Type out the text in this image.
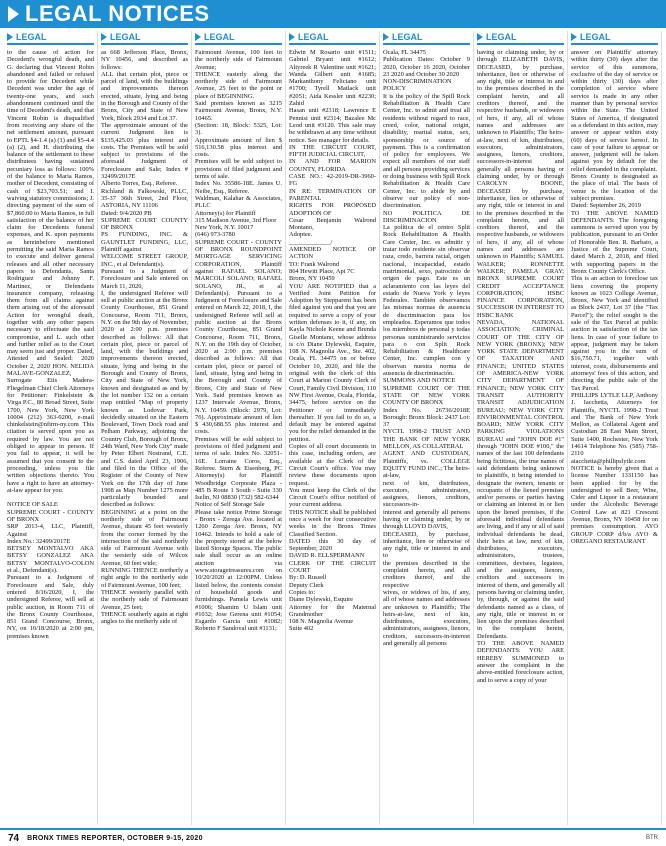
LEGAL NOTICES
LEGAL
to the cause of action for Decedent's wrongful death, and G. declaring that Vincent Robin abandoned and failed or refused to provide for Decedent while Decedent was under the age of twenty-one years, and such abandonment continued until the time of Decedent's death, and that Vincent Robin is disqualified from receiving any share of the net settlement amount, pursuant to EPTL §4-1.4 (a) (1) and §5-4.4 (a) (2), and H. distributing the balance of the settlement to these distributees having sustained pecuniary loss as follows: 100% of the balance to Maria Ramos, mother of Decedent, consisting of cash of $23,703.51; and I. waiving statutory commissions; J. directing payment of the sum of $7,860.00 to Maria Ramos, in full satisfaction of the balance of her claim for Decedents funeral expenses, and K. upon payments as hereinbefore mentioned permitting the said Maria Ramos to execute and deliver general releases and all other necessary papers to Defendants, Santa Rodriguez and Johnny F. Martinez, or Defendants insurance company, releasing them from all claims against them arising out of the aforesaid Action for wrongful death, together with any other papers necessary to effectuate the said compromise, and L. such other and further relief as to the Court may seem just and proper. Dated, Attested and Sealed: 2020 October 2, 2020 HON. NELIDA MALAVE-GONZALEZ, Surrogate Eiis Madera-Fliegelman Chief Clerk Attorneys for Petitioner: Finkelstein & Virga P.C., 80 Broad Street, Suite 1700, New York, New York 10004 (212) 363-0200, e-mail chinkelstein@nfirm-ny.com This citation is served upon you as required by law. You are not obliged to appear in person. If you fail to appear, it will be assumed that you consent to the proceeding, unless you file written objections thereto. You have a right to have an attorney-at-law appear for you.

NOTICE OF SALE
SUPREME COURT - COUNTY OF BRONX
SRP 2013-4, LLC, Plaintiff, Against
Index No.: 32499/2017E
BETSEY MONTALVO AKA BETSY GONZALEZ AKA BETSY MONTALVO-COLON et al., Defendant(s).
Pursuant to a Judgment of Foreclosure and Sale, duly entered 8/16/2020, I, the undersigned Referee, will sell at public auction, in Room 711 of the Bronx County Courthouse, 851 Grand Concourse, Bronx, NY, on 10/18/2020 at 2:00 pm, premises known
LEGAL
as 668 Jefferson Place, Bronx, NY 10456, and described as follows:
ALL that certain plot, piece or parcel of land, with the buildings and improvements thereon erected, situate, lying and being in the Borough and County of the Bronx, City and State of New York, Block 2934 and Lot 37.
The approximate amount of the current Judgment lien is $135,425.03 plus interest and costs. The Premises will be sold subject to provisions of the aforesaid Judgment of Foreclosure and Sale; Index # 32499/2017E
Alberto Torres, Esq., Referee.
Richland & Falkowski, PLLC, 35-37 36th Street, 2nd Floor, ASTORIA, NY 11106
Dated: 9/4/2020 PB
SUPREME COURT COUNTY OF BRONX
PS FUNDING, INC. & GAUNTLET FUNDING, LLC, Plaintiff against
WELCOME STREET GROUP, INC., et al Defendant(s).
Pursuant to a Judgment of Foreclosure and Sale entered on March 11, 2020,
I, the undersigned Referee will sell at public auction at the Bronx County Courthouse, 851 Grand Concourse, Room 711, Bronx, N.Y. on the 9th day of November, 2020 at 2:00 p.m. premises described as follows: All that certain plot, piece or parcel of land, with the buildings and improvements thereon erected, situate, lying and being in the Borough and County of Bronx, City and State of New York, known and designated as and by the lot number 132 on a certain map entitled "Map of property known as Lodovar Park, decidedly situated on the Eastern Boulevard, Town Dock road and Pelham Parkway, adjoining the Country Club, Borough of Bronx, 24th Ward, New York City" made by Peter Elbert Nostrand, C.E. and C.S. dated April 23, 1906, and filed in the Office of the Register of the County of New York on the 17th day of June 1908 as Map Number 1275 more particularly bounded and described as follows:
BEGINNING at a point on the northerly side of Fairmount Avenue, distant 45 feet westerly from the corner formed by the intersection of the said northerly side of Fairmount Avenue with the westerly side of Wilcox Avenue, 60 feet wide;
RUNNING THENCE northerly a right angle to the northerly side of Fairmount Avenue, 100 feet;
THENCE westerly parallel with the northerly side of Fairmount Avenue, 25 feet;
THENCE southerly again at right angles to the northerly side of
LEGAL
Fairmount Avenue, 100 feet to the northerly side of Fairmount Avenue;
THENCE easterly along the northerly side of Fairmount Avenue, 25 feet to the point or place of BEGINNING.
Said premises known as 3215 Fairmount Avenue, Bronx, N.Y. 10465.
(Section: 18, Block: 5325, Lot: 3).
Approximate amount of lien $ 516,130.58 plus interest and costs.
Premises will be sold subject to provisions of filed judgment and terms of sale.
Index No. 35586-18E. James U. Neibe, Esq., Referee.
Waldman, Kalahar & Associates, PLLC
Attorney(s) for Plaintiff
315 Madison Avenue, 3rd Floor
New York, N.Y. 10017
(646) 973-3780
SUPREME COURT - COUNTY OF BRONX ROUNDPOINT MORTGAGE SERVICING CORPORATION, Plaintiff against RAFAEL SOLANO; MARCOLI SOLANO; RAFAEL SOLANO, JR., et al Defendant(s). Pursuant to a Judgment of Foreclosure and Sale entered on March 22, 2018, I, the undersigned Referee will sell at public auction at the Bronx County Courthouse, 851 Grand Concourse, Room 711, Bronx, N.Y. on the 19th day of October, 2020 at 2:00 p.m. premises described as follows: All that certain plot, piece or parcel of land, situate, lying and being in the Borough and County of Bronx, City and State of New York. Said premises known as 1237 Intervale Avenue, Bronx, N.Y. 10459. (Block: 2979, Lot: 76). Approximate amount of lien $ 430,688.55 plus interest and costs.
Premises will be sold subject to provisions of filed judgment and terms of sale. Index No. 32051-16E. Lorraine Coros, Esq., Referee. Stern & Eisenberg, PC Attorney(s) for Plaintiff Woodbridge Corporate Plaza - 485 B Route 1 South - Suite 330 Iselin, NJ 08830 (732) 582-6344
Notice of Self Storage Sale
Please take notice Prime Storage - Bronx - Zerega Ave. located at 1260 Zerega Ave. Bronx, NY 10462. Intends to hold a sale of the property stored at the below listed Storage Spaces. The public sale shall occur as an online auction via www.storagetreasures.com on 10/20/2020 at 12:00PM. Unless listed below, the contents consist of household goods and furnishings. Pamela Lewis unit #1006; Shamim U Islam unit #1032; Jose Gerena unit #1054; Esgardo Garcia unit #1082; Roberto F Sandoval unit #1131;
LEGAL
Edwin M Rosario unit #1511; Gabriel Bryant unit #1612; Altyreek R Valentine unit #1621; Wanda Gilbert unit #1685; Markanthony Feliciano unit #1700; Tyrell Matlack unit #2051; Aida Kessler unit #2230; Zahid
Hasan unit #2318; Lawrence E Pennisi unit #2314; Bazalee Mc Leod unit #3120. This sale may be withdrawn at any time without notice. See manager for details.
IN THE CIRCUIT COURT, FIFTH JUDICIAL CIRCUIT,
IN AND FOR MARION COUNTY, FLORIDA
CASE NO.: 42-2019-DR-3960-FG
IN RE: TERMINATION OF PARENTAL
RIGHTS FOR PROPOSED ADOPTION OF
Cesar Benjamin Walrond Montano,
Adoptee.
_____________/
AMENDED NOTICE OF ACTION
TO: Frank Walrond
864 Hewitt Place, Apt 7C
Bronx, NY 10459
YOU ARE NOTIFIED that a Verified Joint Petition for Adoption by Stepparent has been filed against you and that you are required to serve a copy of your written defenses to it, if any, on Kayla Nichole Keene and Brenda Giselle Montano, whose address is c/o Diane Dylewski, Esquire, 108 N. Magnolia Ave., Ste. 402, Ocala, FL 34475 on or before October 10, 2020, and file the original with the clerk of this Court at Marion County Clerk of Court, Family Civil Division, 110 NW First Avenue, Ocala, Florida, 34475, before service on the Petitioner or immediately thereafter. If you fail to do so, a default may be entered against you for the relief demanded in the petition.
Copies of all court documents in this case, including orders, are available at the Clerk of the Circuit Court's office. You may review these documents upon request.
You must keep the Clerk of the Circuit Court's office notified of your current address.
THIS NOTICE shall be published once a week for four consecutive weeks in the Bronx Times Classified Section.
DATED this 30 day of September, 2020
DAVID R. ELLSPERMANN
CLERK OF THE CIRCUIT COURT
By: D. Russell
Deputy Clerk
Copies to:
Diane Dylewski, Esquire
Attorney for the Maternal Grandmother
108 N. Magnolia Avenue
Suite 402
LEGAL
Ocala, FL 34475
Publication Dates: October 9 2020, October 16 2020, October 23 2020 and October 30 2020
NON-DISCRIMINATION POLICY
It is the policy of the Spill Rock Rehabilitation & Health Care Center, Inc. to admit and treat all residents without regard to race, creed, color, national origin, disability, marital status, sex, sponsorship or source of payment. This is a confirmation of policy for employees. We expect all members of our staff and all persons providing services or doing business with Spill Rock Rehabilitation & Health Care Center, Inc. to abide by and observe our policy of non-discrimination.
NO POLITICA DE DISCRIMINACION
La política de el centro Split Rock Rehabilitation & Health Care Center, Inc. es admitir y tratar todo residente sin observar raza, credo, barrera racial, origen nacional, incapacidad, estado matrimonial, sexo, patrocinio de origen de pago. Este es un aclaramiento con las leyes del estado de Nueva York y leyes Federales. También observamos las mismas normas de ausencia de discriminacion para los empleados. Esperamos que todos los miembros de personal y todas personas suministrando servicios para o con Split Rock Rehabilitation & Healthcare Center, Inc. cumplen con y observan nuestra norma de ausencia de discriminación.
SUMMONS AND NOTICE
SUPREME COURT OF THE STATE OF NEW YORK COUNTY OF BRONX
Index No. 26736/2018E Borough: Bronx Block: 2437 Lot: 37
NYCTL 1998-2 TRUST AND THE BANK OF NEW YORK MELLON, AS COLLATERAL
AGENT AND CUSTODIAN, Plaintiffs, vs. COLLEGE EQUITY FUND INC.; The heirs-at-law,
next of kin, distributees, executors, administrators, assignees, lienors, creditors, successors-in-
interest and generally all persons having or claiming under, by or through LLOYD DAVIS,
DECEASED, by purchase, inheritance, lien or otherwise of any right, title or interest in and to
the premises described in the complaint herein, and all creditors thereof, and the respective
wives, or widows of his, if any, all of whose names and addresses are unknown to Plaintiffs; The heirs-at-law, next of kin, distributees, executors, administrators, assignees, lienors, creditors, successors-in-interest and generally all persons
LEGAL
having or claiming under, by or through ELIZABETH DAVIS, DECEASED, by purchase, inheritance, lien or otherwise of any right, title or interest in and to the premises described in the complaint herein, and all creditors thereof, and the respective husbands, or widowers of hers, if any, all of whose names and addresses are unknown to Plaintiffs; The heirs-at-law, next of kin, distributees, executors, administrators, assignees, lienors, creditors, successors-in-interest and generally all persons having or claiming under, by or through CAROLYN BOONE, DECEASED by purchase, inheritance, lien or otherwise of any right, title or interest in and to the premises described in the complaint herein, and all creditors thereof, and the respective husbands, or widowers of hers, if any, all of whose names and addresses are unknown to Plaintiffs; SAMUEL WALKER; RONNETTE WALKER; PAMELA GRAY; BRONX SUPREME COURT CREDIT ACCEPTANCE CORPORATION; HSBC FINANCE CORPORATION, SUCCESSOR IN INTEREST TO HSBC BANK
NEVADA, NATIONAL ASSOCIATION; CRIMINAL COURT OF THE CITY OF NEW YORK (BRONX); NEW YORK STATE DEPARTMENT OF TAXATION AND FINANCE; UNITED STATES OF AMERICA-NEW YORK CITY DEPARTMENT OF FINANCE; NEW YORK CITY TRANSIT AUTHORITY TRANSIT ADJUDICATION BUREAU; NEW YORK CITY ENVIRONMENTAL CONTROL BOARD; NEW YORK CITY PARKING VIOLATIONS BUREAU and "JOHN DOE #1" through "JOHN DOE #100," the names of the last 100 defendants being fictitious, the true names of said defendants being unknown to plaintiffs, it being intended to designate the owners, tenants or occupants of the liened premises and/or persons or parties having or claiming an interest in or lien upon the liened premises, if the aforesaid individual defendants are living, and if any or all of said individual defendants be dead, their heirs at law, next of kin, distributees, executors, administrators, trustees, committees, devisees, legatees, and the assignees, lienors, creditors and successors in interest of them, and generally all persons having or claiming under, by, through, or against the said defendants named as a class, of any right, title or interest in or lien upon the premises described in the complaint herein, Defendants.
TO THE ABOVE NAMED DEFENDANTS: YOU ARE HEREBY SUMMONED to answer the complaint in the above-entitled foreclosure action, and to serve a copy of your
LEGAL
answer on Plaintiffs' attorney within thirty (30) days after the service of this summons, exclusive of the day of service or within thirty (30) days after completion of service where service is made in any other manner than by personal service within the State. The United States of America, if designated as a defendant in this action, may answer or appear within sixty (60) days of service hereof. In case of your failure to appear or answer, judgment will be taken against you by default for the relief demanded in the complaint.
Bronx County is designated as the place of trial. The basis of venue is the location of the subject premises.
Dated: September 26, 2019
TO THE ABOVE NAMED DEFENDANTS: The foregoing summons is served upon you by publication, pursuant to an Order of Honorable Ben. R. Barbato, a Justice of the Supreme Court, dated March 2, 2018, and filed with supporting papers in the Bronx County Clerk's Office.
This is an action to foreclose tax liens covering the property known as 1023 College Avenue, Bronx, New York and identified as Block 2437, Lot 37 (the "Tax Parcel"); the relief sought is the sale of the Tax Parcel at public auction in satisfaction of the tax liens. In case of your failure to appear, judgment may be taken against you in the sum of $16,750.71, together with interest, costs, disbursements and attorneys' fees of this action, and directing the public sale of the Tax Parcel.
PHILLIPS LYTLE LLP, Anthony J. Iacchetta, Attorneys for Plaintiffs, NYCTL 1998-2 Trust and The Bank of New York Mellon, as Collateral Agent and Custodian 28 East Main Street, Suite 1400, Rochester, New York 14614 Telephone No. (585) 758-2110 aiacchetta@phillipslytle.com
NOTICE is hereby given that a license Number 1331150 has been applied for by the undersigned to sell Beer, Wine, Cider and Liquor in a restaurant under the Alcoholic Beverage Control Law at 821 Crescent Avenue, Bronx, NY 10458 for on premises consumption. AYO GROUP CORP d/b/a AYO & OREGANO RESTAURANT
74 BRONX TIMES REPORTER, OCTOBER 9-15, 2020	BTR
